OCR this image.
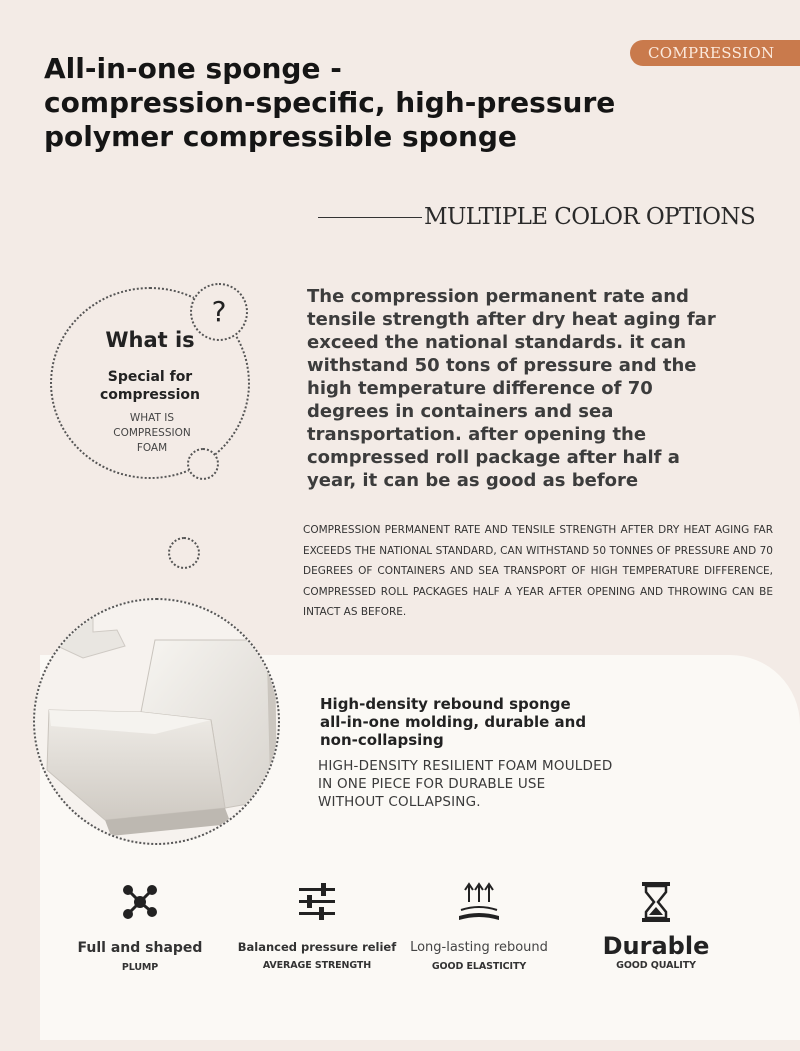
COMPRESSION
All-in-one sponge -
compression-specific, high-pressure
polymer compressible sponge
MULTIPLE COLOR OPTIONS
?
What is
Special for
compression
WHAT IS
COMPRESSION
FOAM
The compression permanent rate and tensile strength after dry heat aging far exceed the national standards. it can withstand 50 tons of pressure and the high temperature difference of 70 degrees in containers and sea transportation. after opening the compressed roll package after half a year, it can be as good as before
COMPRESSION PERMANENT RATE AND TENSILE STRENGTH AFTER DRY HEAT AGING FAR EXCEEDS THE NATIONAL STANDARD, CAN WITHSTAND 50 TONNES OF PRESSURE AND 70 DEGREES OF CONTAINERS AND SEA TRANSPORT OF HIGH TEMPERATURE DIFFERENCE, COMPRESSED ROLL PACKAGES HALF A YEAR AFTER OPENING AND THROWING CAN BE INTACT AS BEFORE.
High-density rebound sponge
all-in-one molding, durable and
non-collapsing
HIGH-DENSITY RESILIENT FOAM MOULDED
IN ONE PIECE FOR DURABLE USE
WITHOUT COLLAPSING.
Full and shaped
PLUMP
Balanced pressure relief
AVERAGE STRENGTH
Long-lasting rebound
GOOD ELASTICITY
Durable
GOOD QUALITY
